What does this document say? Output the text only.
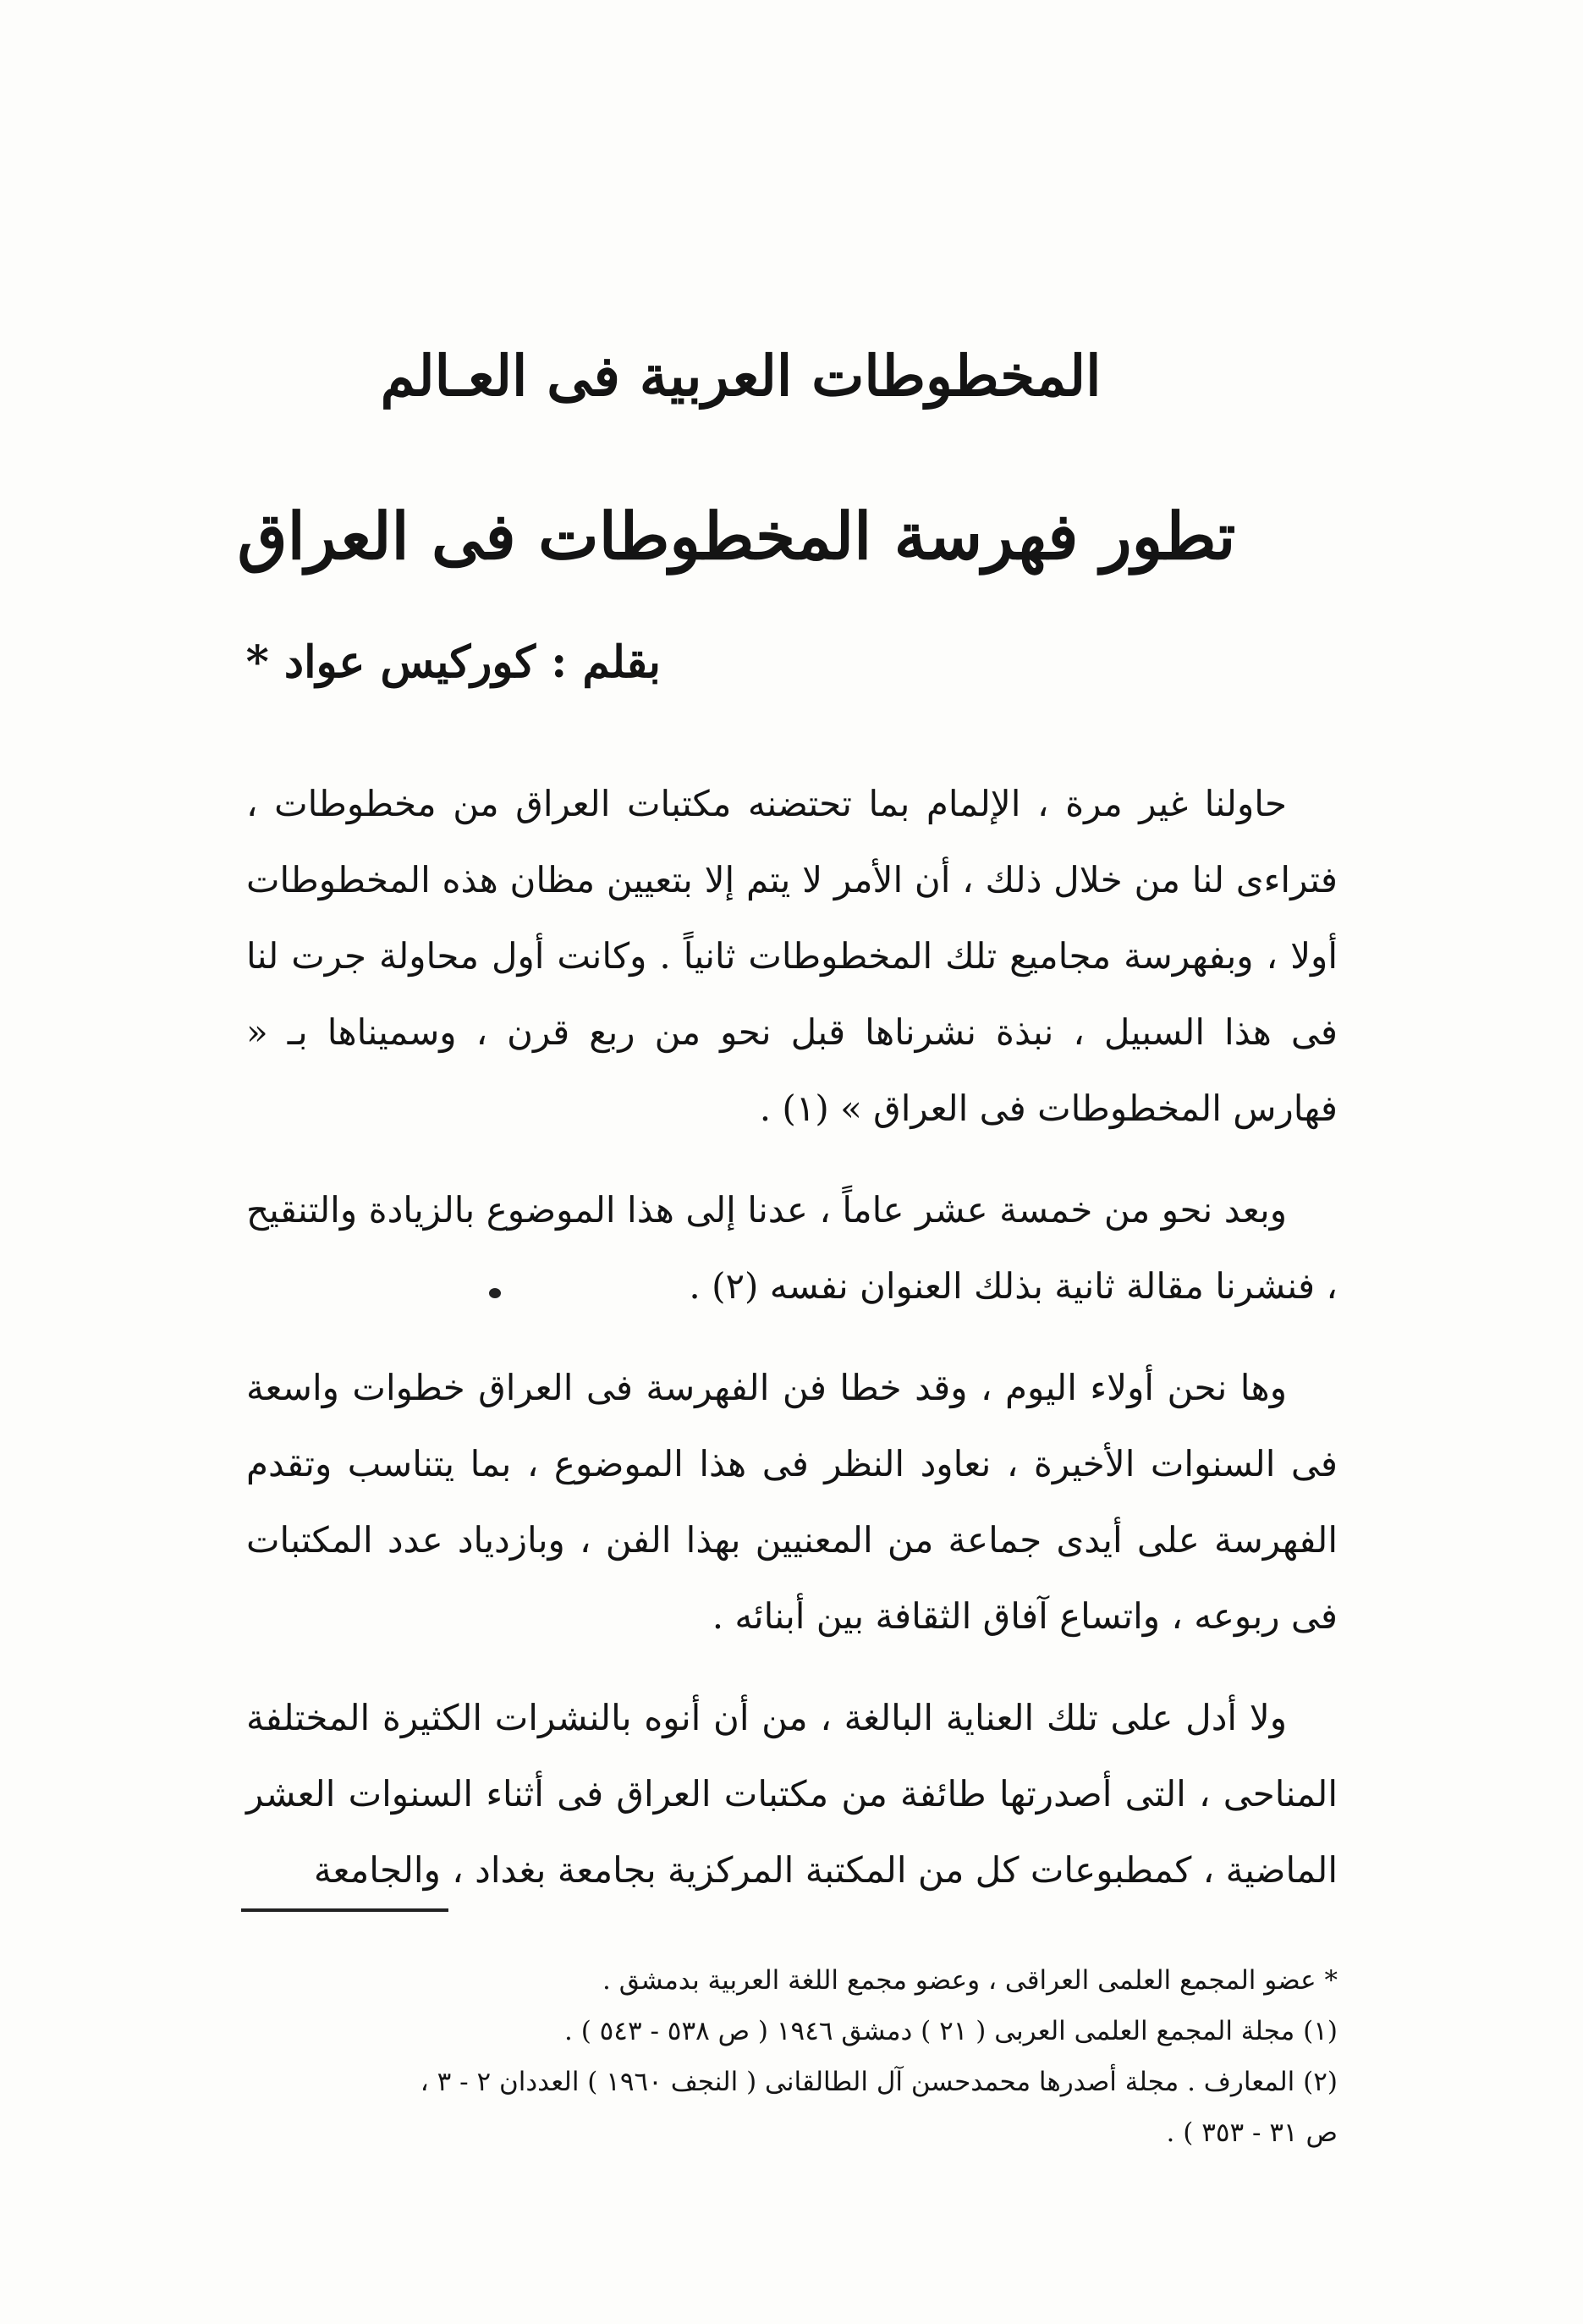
المخطوطات العربية فى العـالم
تطور فهرسة المخطوطات فى العراق
بقلم : كوركيس عواد *

حاولنا غير مرة ، الإلمام بما تحتضنه مكتبات العراق من مخطوطات ، فتراءى لنا من خلال ذلك ، أن الأمر لا يتم إلا بتعيين مظان هذه المخطوطات أولا ، وبفهرسة مجاميع تلك المخطوطات ثانياً . وكانت أول محاولة جرت لنا فى هذا السبيل ، نبذة نشرناها قبل نحو من ربع قرن ، وسميناها بـ « فهارس المخطوطات فى العراق » (١) .

وبعد نحو من خمسة عشر عاماً ، عدنا إلى هذا الموضوع بالزيادة والتنقيح ، فنشرنا مقالة ثانية بذلك العنوان نفسه (٢) .

وها نحن أولاء اليوم ، وقد خطا فن الفهرسة فى العراق خطوات واسعة فى السنوات الأخيرة ، نعاود النظر فى هذا الموضوع ، بما يتناسب وتقدم الفهرسة على أيدى جماعة من المعنيين بهذا الفن ، وبازدياد عدد المكتبات فى ربوعه ، واتساع آفاق الثقافة بين أبنائه .

ولا أدل على تلك العناية البالغة ، من أن أنوه بالنشرات الكثيرة المختلفة المناحى ، التى أصدرتها طائفة من مكتبات العراق فى أثناء السنوات العشر الماضية ، كمطبوعات كل من المكتبة المركزية بجامعة بغداد ، والجامعة

* عضو المجمع العلمى العراقى ، وعضو مجمع اللغة العربية بدمشق .

(١) مجلة المجمع العلمى العربى ( ٢١ ) دمشق ١٩٤٦ ( ص ٥٣٨ - ٥٤٣ ) .

(٢) المعارف . مجلة أصدرها محمدحسن آل الطالقانى ( النجف ١٩٦٠ ) العددان ٢ - ٣ ،

ص ٣١ - ٣٥٣ ) .
